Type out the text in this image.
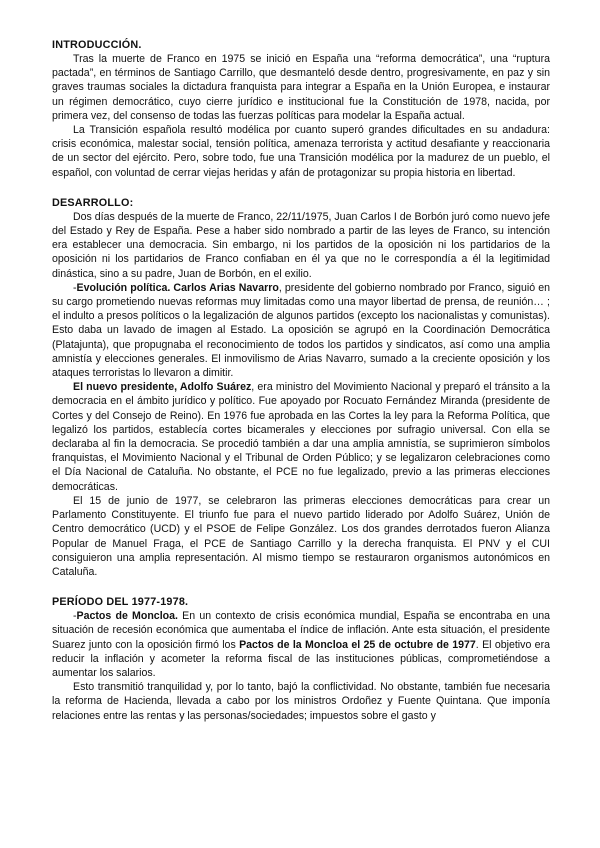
INTRODUCCIÓN.

Tras la muerte de Franco en 1975 se inició en España una “reforma democrática”, una “ruptura pactada”, en términos de Santiago Carrillo, que desmanteló desde dentro, progresivamente, en paz y sin graves traumas sociales la dictadura franquista para integrar a España en la Unión Europea, e instaurar un régimen democrático, cuyo cierre jurídico e institucional fue la Constitución de 1978, nacida, por primera vez, del consenso de todas las fuerzas políticas para modelar la España actual.

La Transición española resultó modélica por cuanto superó grandes dificultades en su andadura: crisis económica, malestar social, tensión política, amenaza terrorista y actitud desafiante y reaccionaria de un sector del ejército. Pero, sobre todo, fue una Transición modélica por la madurez de un pueblo, el español, con voluntad de cerrar viejas heridas y afán de protagonizar su propia historia en libertad.

DESARROLLO:

Dos días después de la muerte de Franco, 22/11/1975, Juan Carlos I de Borbón juró como nuevo jefe del Estado y Rey de España. Pese a haber sido nombrado a partir de las leyes de Franco, su intención era establecer una democracia. Sin embargo, ni los partidos de la oposición ni los partidarios de la oposición ni los partidarios de Franco confiaban en él ya que no le correspondía a él la legitimidad dinástica, sino a su padre, Juan de Borbón, en el exilio.

-Evolución política. Carlos Arias Navarro, presidente del gobierno nombrado por Franco, siguió en su cargo prometiendo nuevas reformas muy limitadas como una mayor libertad de prensa, de reunión… ; el indulto a presos políticos o la legalización de algunos partidos (excepto los nacionalistas y comunistas). Esto daba un lavado de imagen al Estado. La oposición se agrupó en la Coordinación Democrática (Platajunta), que propugnaba el reconocimiento de todos los partidos y sindicatos, así como una amplia amnistía y elecciones generales. El inmovilismo de Arias Navarro, sumado a la creciente oposición y los ataques terroristas lo llevaron a dimitir.

El nuevo presidente, Adolfo Suárez, era ministro del Movimiento Nacional y preparó el tránsito a la democracia en el ámbito jurídico y político. Fue apoyado por Rocuato Fernández Miranda (presidente de Cortes y del Consejo de Reino). En 1976 fue aprobada en las Cortes la ley para la Reforma Política, que legalizó los partidos, establecía cortes bicamerales y elecciones por sufragio universal. Con ella se declaraba al fin la democracia. Se procedió también a dar una amplia amnistía, se suprimieron símbolos franquistas, el Movimiento Nacional y el Tribunal de Orden Público; y se legalizaron celebraciones como el Día Nacional de Cataluña. No obstante, el PCE no fue legalizado, previo a las primeras elecciones democráticas.

El 15 de junio de 1977, se celebraron las primeras elecciones democráticas para crear un Parlamento Constituyente. El triunfo fue para el nuevo partido liderado por Adolfo Suárez, Unión de Centro democrático (UCD) y el PSOE de Felipe González. Los dos grandes derrotados fueron Alianza Popular de Manuel Fraga, el PCE de Santiago Carrillo y la derecha franquista. El PNV y el CUI consiguieron una amplia representación. Al mismo tiempo se restauraron organismos autonómicos en Cataluña.

PERÍODO DEL 1977-1978.

-Pactos de Moncloa. En un contexto de crisis económica mundial, España se encontraba en una situación de recesión económica que aumentaba el índice de inflación. Ante esta situación, el presidente Suarez junto con la oposición firmó los Pactos de la Moncloa el 25 de octubre de 1977. El objetivo era reducir la inflación y acometer la reforma fiscal de las instituciones públicas, comprometiéndose a aumentar los salarios.

Esto transmitió tranquilidad y, por lo tanto, bajó la conflictividad. No obstante, también fue necesaria la reforma de Hacienda, llevada a cabo por los ministros Ordoñez y Fuente Quintana. Que imponía relaciones entre las rentas y las personas/sociedades; impuestos sobre el gasto y
